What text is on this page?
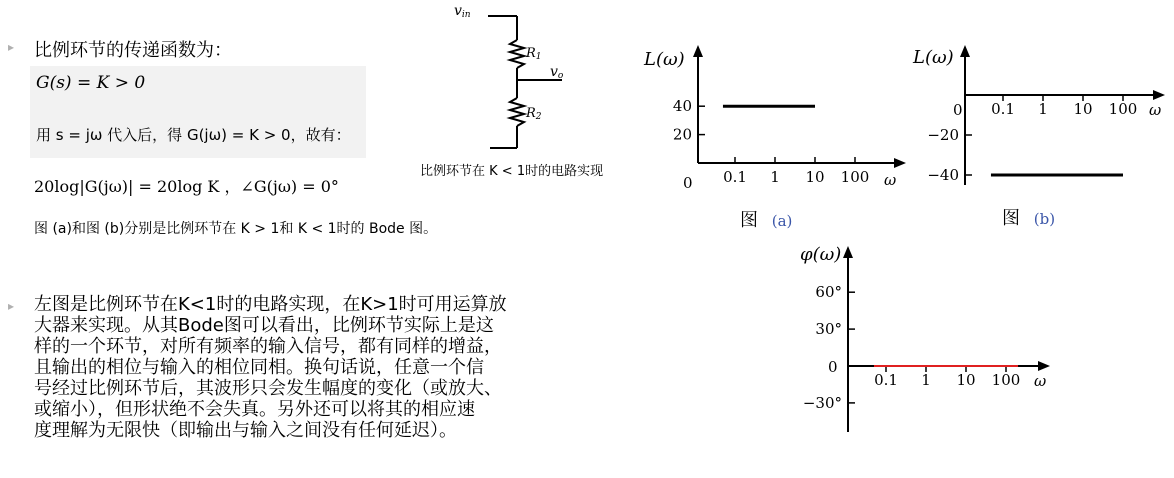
▸ 比例环节的传递函数为：
G(s) = K > 0
用 s = jω 代入后，得 G(jω) = K > 0，故有：
20log|G(jω)| = 20log K ，∠G(jω) = 0°
图 (a)和图 (b)分别是比例环节在 K > 1和 K < 1时的 Bode 图。
vin
R1
vo
R2
比例环节在 K < 1时的电路实现
▸ 左图是比例环节在K<1时的电路实现，在K>1时可用运算放
大器来实现。从其Bode图可以看出，比例环节实际上是这
样的一个环节，对所有频率的输入信号，都有同样的增益，
且输出的相位与输入的相位同相。换句话说，任意一个信
号经过比例环节后，其波形只会发生幅度的变化（或放大、
或缩小），但形状绝不会失真。另外还可以将其的相应速
度理解为无限快（即输出与输入之间没有任何延迟）。
L(ω)
0	ω
0.1 1 10 100
20
40
图 (a)
L(ω)
0	ω
0.1 1 10 100
−20
−40
图 (b)
φ(ω)
0
ω
0.1 1 10 100
60°
30°
−30°
